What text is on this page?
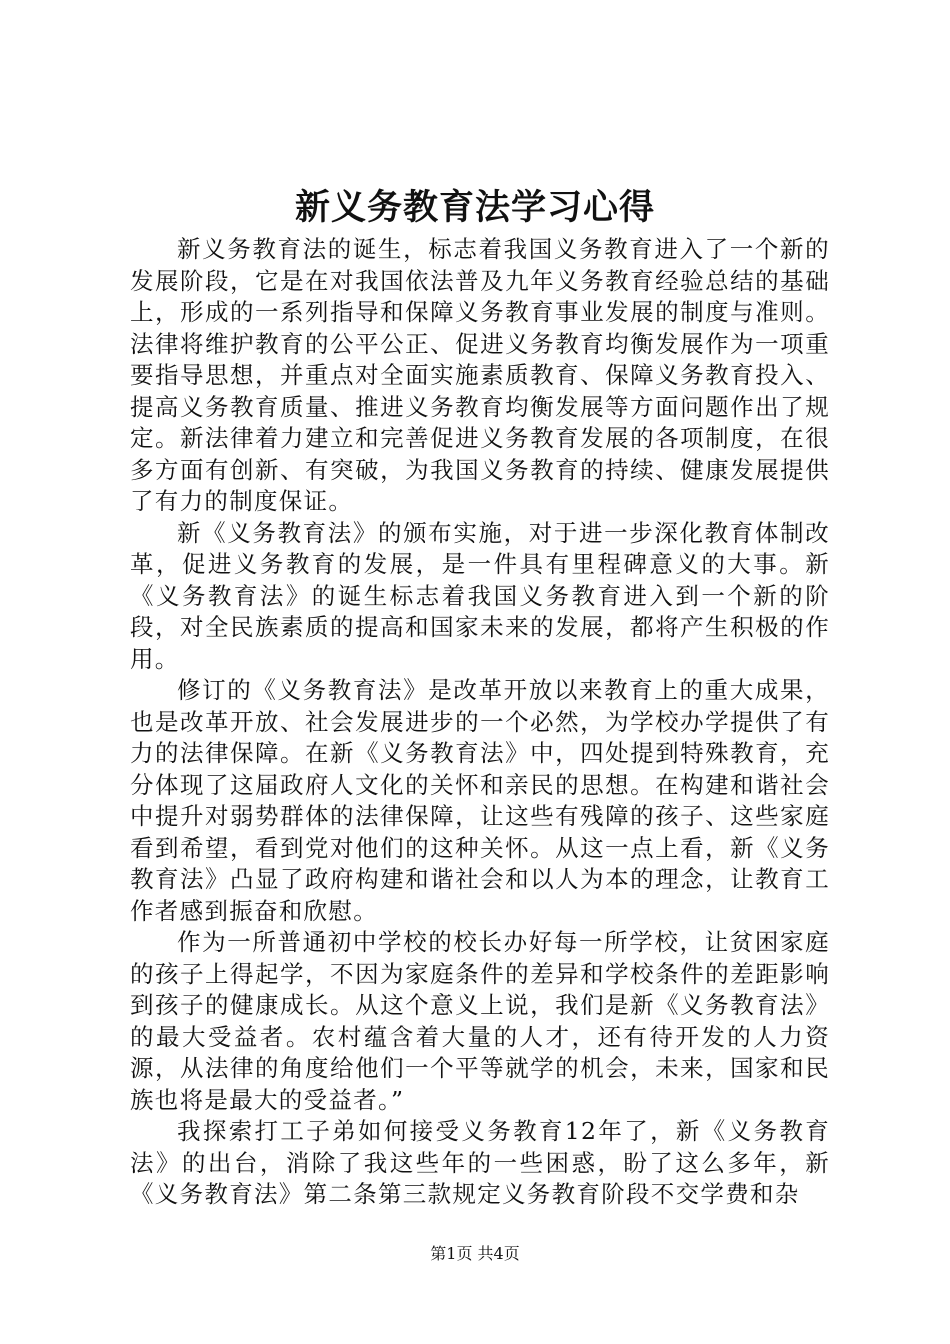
新义务教育法学习心得

新义务教育法的诞生，标志着我国义务教育进入了一个新的发展阶段，它是在对我国依法普及九年义务教育经验总结的基础上，形成的一系列指导和保障义务教育事业发展的制度与准则。法律将维护教育的公平公正、促进义务教育均衡发展作为一项重要指导思想，并重点对全面实施素质教育、保障义务教育投入、提高义务教育质量、推进义务教育均衡发展等方面问题作出了规定。新法律着力建立和完善促进义务教育发展的各项制度，在很多方面有创新、有突破，为我国义务教育的持续、健康发展提供了有力的制度保证。

新《义务教育法》的颁布实施，对于进一步深化教育体制改革，促进义务教育的发展，是一件具有里程碑意义的大事。新《义务教育法》的诞生标志着我国义务教育进入到一个新的阶段，对全民族素质的提高和国家未来的发展，都将产生积极的作用。

修订的《义务教育法》是改革开放以来教育上的重大成果，也是改革开放、社会发展进步的一个必然，为学校办学提供了有力的法律保障。在新《义务教育法》中，四处提到特殊教育，充分体现了这届政府人文化的关怀和亲民的思想。在构建和谐社会中提升对弱势群体的法律保障，让这些有残障的孩子、这些家庭看到希望，看到党对他们的这种关怀。从这一点上看，新《义务教育法》凸显了政府构建和谐社会和以人为本的理念，让教育工作者感到振奋和欣慰。

作为一所普通初中学校的校长办好每一所学校，让贫困家庭的孩子上得起学，不因为家庭条件的差异和学校条件的差距影响到孩子的健康成长。从这个意义上说，我们是新《义务教育法》的最大受益者。农村蕴含着大量的人才，还有待开发的人力资源，从法律的角度给他们一个平等就学的机会，未来，国家和民族也将是最大的受益者。”

我探索打工子弟如何接受义务教育12年了，新《义务教育法》的出台，消除了我这些年的一些困惑，盼了这么多年，新《义务教育法》第二条第三款规定义务教育阶段不交学费和杂

第1页 共4页
